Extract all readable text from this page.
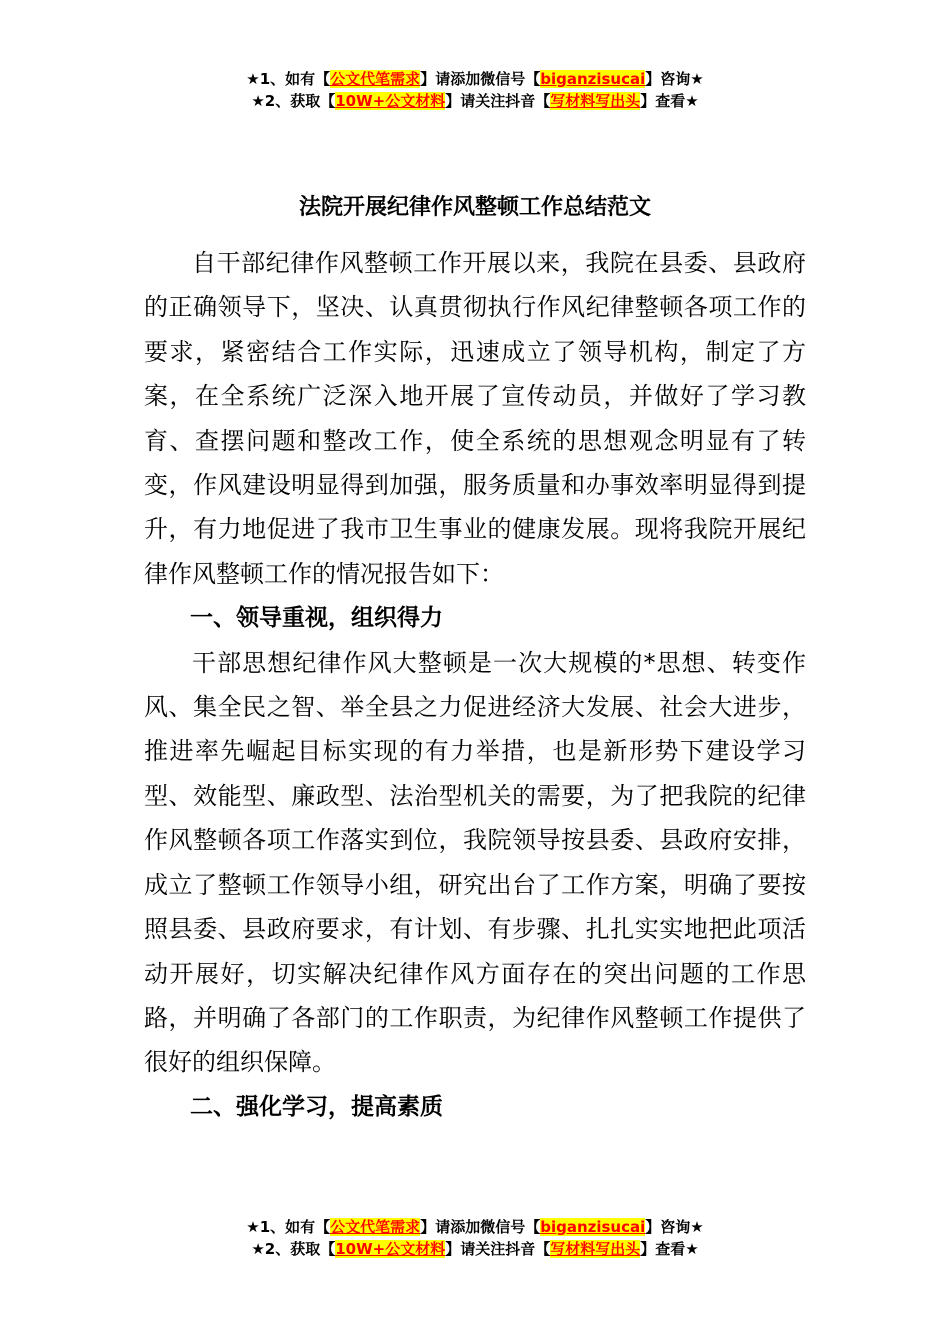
★1、如有【公文代笔需求】请添加微信号【biganzisucai】咨询★
★2、获取【10W+公文材料】请关注抖音【写材料写出头】查看★
法院开展纪律作风整顿工作总结范文

自干部纪律作风整顿工作开展以来，我院在县委、县政府的正确领导下，坚决、认真贯彻执行作风纪律整顿各项工作的要求，紧密结合工作实际，迅速成立了领导机构，制定了方案，在全系统广泛深入地开展了宣传动员，并做好了学习教育、查摆问题和整改工作，使全系统的思想观念明显有了转变，作风建设明显得到加强，服务质量和办事效率明显得到提升，有力地促进了我市卫生事业的健康发展。现将我院开展纪律作风整顿工作的情况报告如下：

一、领导重视，组织得力

干部思想纪律作风大整顿是一次大规模的*思想、转变作风、集全民之智、举全县之力促进经济大发展、社会大进步，推进率先崛起目标实现的有力举措，也是新形势下建设学习型、效能型、廉政型、法治型机关的需要，为了把我院的纪律作风整顿各项工作落实到位，我院领导按县委、县政府安排，成立了整顿工作领导小组，研究出台了工作方案，明确了要按照县委、县政府要求，有计划、有步骤、扎扎实实地把此项活动开展好，切实解决纪律作风方面存在的突出问题的工作思路，并明确了各部门的工作职责，为纪律作风整顿工作提供了很好的组织保障。

二、强化学习，提高素质

★1、如有【公文代笔需求】请添加微信号【biganzisucai】咨询★
★2、获取【10W+公文材料】请关注抖音【写材料写出头】查看★
